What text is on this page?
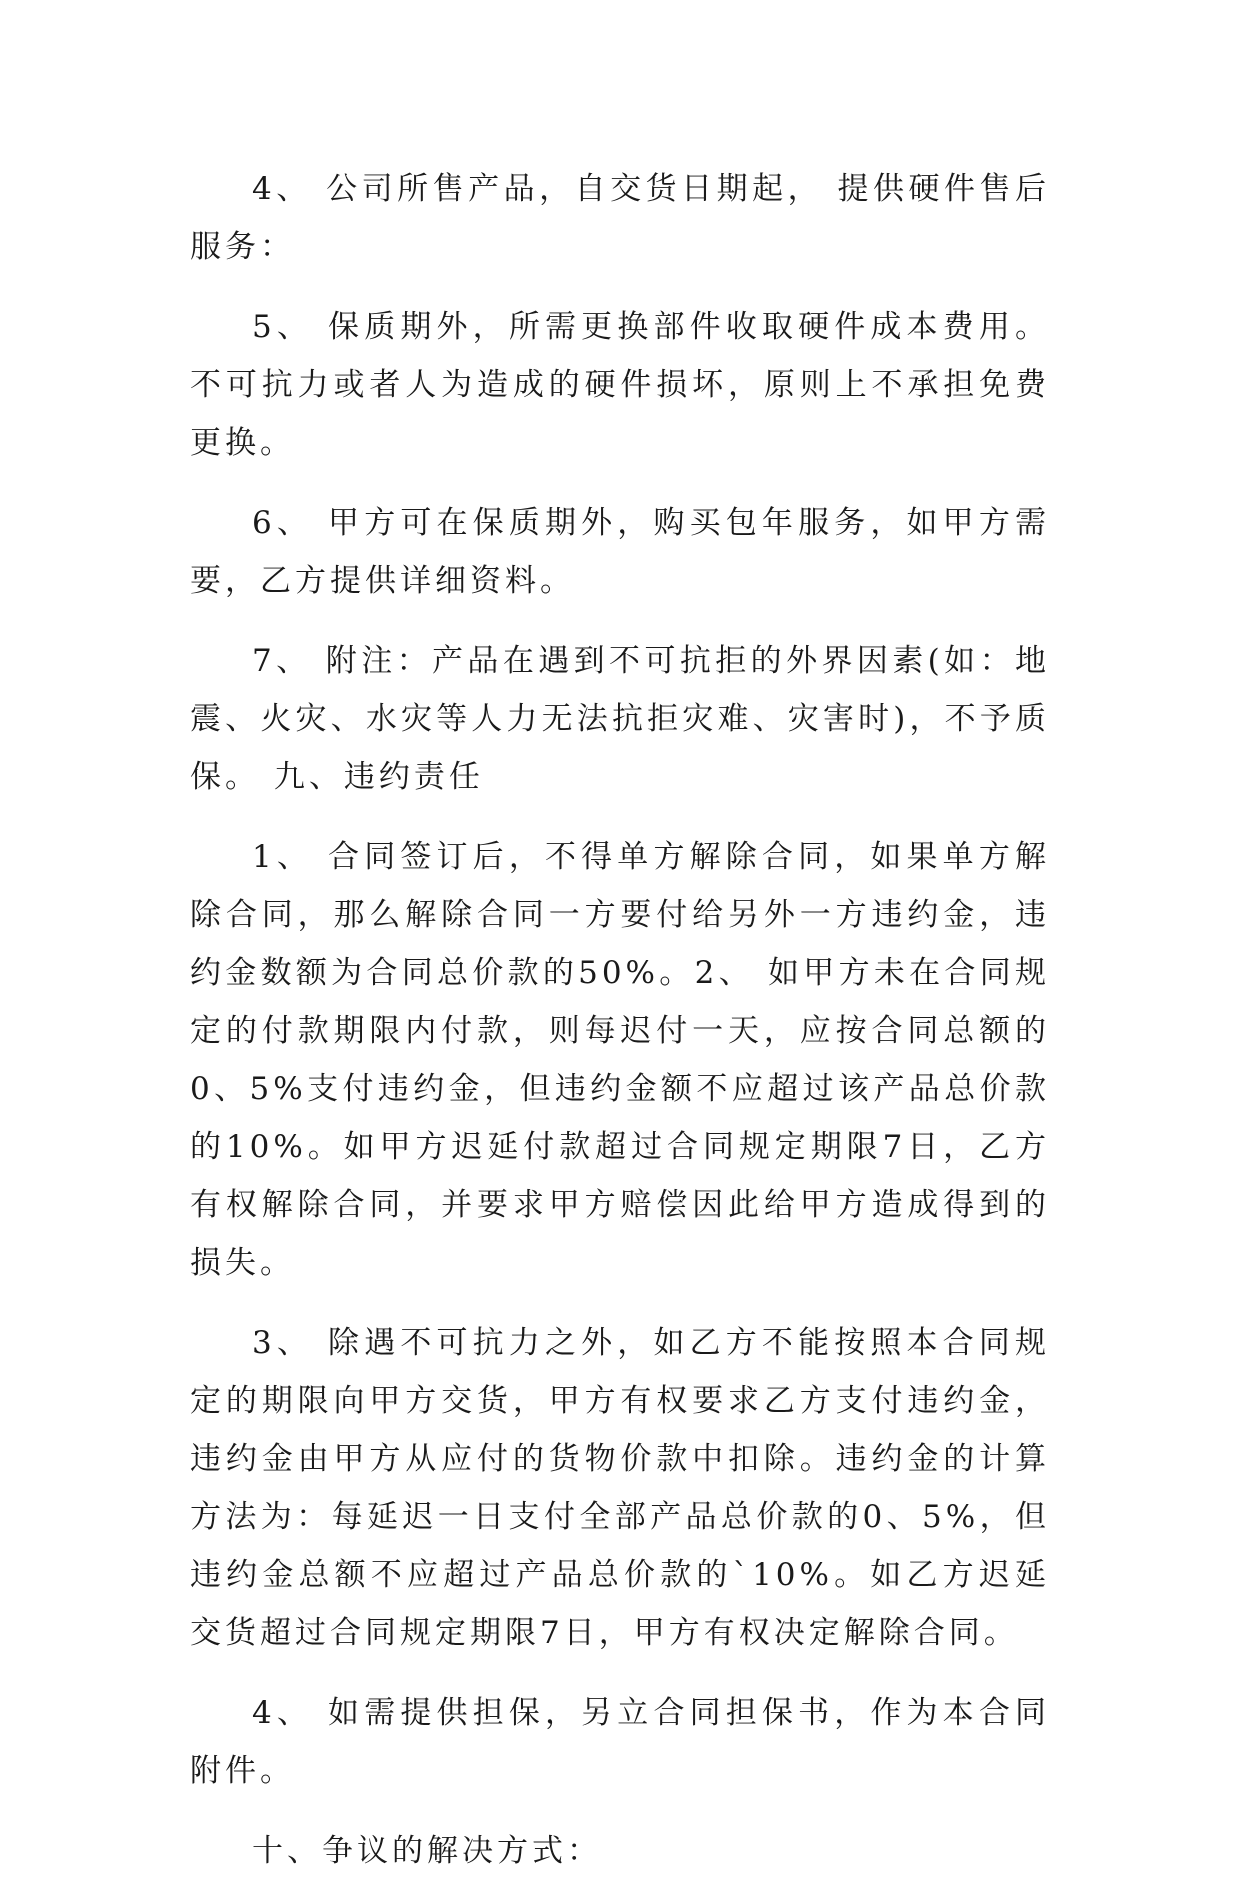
4、 公司所售产品，自交货日期起， 提供硬件售后服务：

5、 保质期外，所需更换部件收取硬件成本费用。不可抗力或者人为造成的硬件损坏，原则上不承担免费更换。

6、 甲方可在保质期外，购买包年服务，如甲方需要，乙方提供详细资料。

7、 附注：产品在遇到不可抗拒的外界因素(如：地震、火灾、水灾等人力无法抗拒灾难、灾害时)，不予质保。 九、违约责任

1、 合同签订后，不得单方解除合同，如果单方解除合同，那么解除合同一方要付给另外一方违约金，违约金数额为合同总价款的50%。2、 如甲方未在合同规定的付款期限内付款，则每迟付一天，应按合同总额的0、5%支付违约金，但违约金额不应超过该产品总价款的10%。如甲方迟延付款超过合同规定期限7日，乙方有权解除合同，并要求甲方赔偿因此给甲方造成得到的损失。

3、 除遇不可抗力之外，如乙方不能按照本合同规定的期限向甲方交货，甲方有权要求乙方支付违约金，违约金由甲方从应付的货物价款中扣除。违约金的计算方法为：每延迟一日支付全部产品总价款的0、5%，但违约金总额不应超过产品总价款的`10%。如乙方迟延交货超过合同规定期限7日，甲方有权决定解除合同。

4、 如需提供担保，另立合同担保书，作为本合同附件。

十、争议的解决方式：
